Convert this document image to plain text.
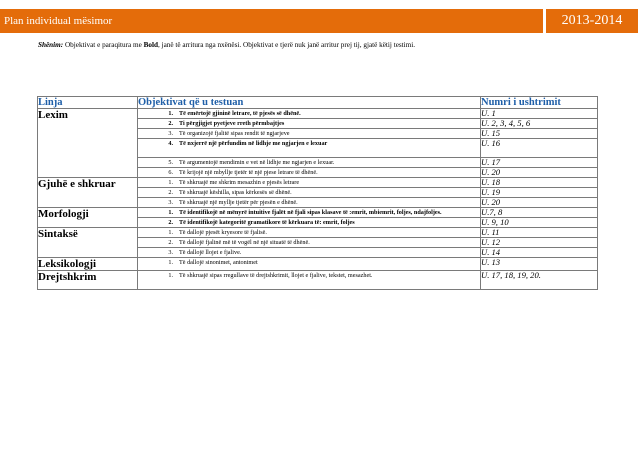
Plan individual mësimor	2013-2014
Shënim: Objektivat e paraqitura me Bold, janë të arritura nga nxënësi. Objektivat e tjerë nuk janë arritur prej tij, gjatë këtij testimi.
Linja	Objektivat që u testuan	Numri i ushtrimit
Lexim	1. Të emërtojë gjininë letrare, të pjesës së dhënë.	U. 1
	2. Ti përgjigjet pyetjeve rreth përmbajtjes	U. 2, 3, 4, 5, 6
	3. Të organizojë fjalitë sipas rendit të ngjarjeve	U. 15
	4. Të nxjerrë një përfundim në lidhje me ngjarjen e lexuar	U. 16
	5. Të argumentojë mendimin e vet në lidhje me ngjarjen e lexuar.	U. 17
	6. Të krijojë një mbyllje tjetër të një pjese letrare të dhënë.	U. 20
Gjuhë e shkruar	1. Të shkruajë me shkrim mesazhin e pjesës letrare	U. 18
	2. Të shkruajë këshilla, sipas kërkesës së dhënë.	U. 19
	3. Të shkruajë një myllje tjetër për pjesën e dhënë.	U. 20
Morfologji	1. Të identifikojë në mënyrë intuitive fjalët në fjali sipas klasave të :emrit, mbiemrit, foljes, ndajfoljes.	U.7, 8
	2. Të identifikojë kategoritë gramatikore të kërkuara të: emrit, foljes	U. 9, 10
Sintaksë	1. Të dallojë pjesët kryesore të fjalisë.	U. 11
	2. Të dallojë fjalinë më të vogël në një situatë të dhënë.	U. 12
	3. Të dallojë llojet e fjalive.	U. 14
Leksikologji	1. Të dallojë sinonimet, antonimet	U. 13
Drejtshkrim	1. Të shkruajë sipas rregullave të drejtshkrimit, llojet e fjalive, tekstet, mesazhet.	U. 17, 18, 19, 20.
